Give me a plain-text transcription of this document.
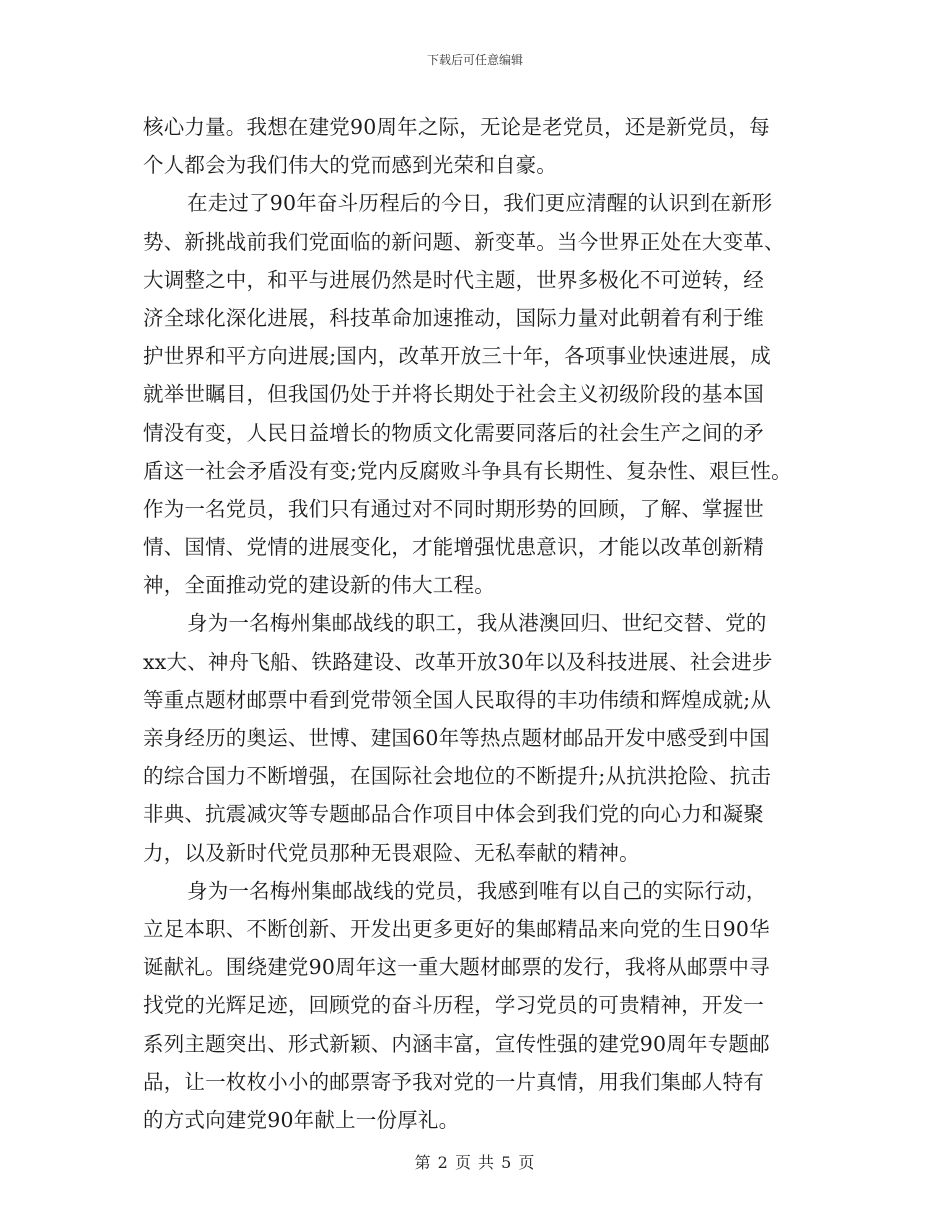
下载后可任意编辑
核心力量。我想在建党90周年之际，无论是老党员，还是新党员，每
个人都会为我们伟大的党而感到光荣和自豪。
在走过了90年奋斗历程后的今日，我们更应清醒的认识到在新形
势、新挑战前我们党面临的新问题、新变革。当今世界正处在大变革、
大调整之中，和平与进展仍然是时代主题，世界多极化不可逆转，经
济全球化深化进展，科技革命加速推动，国际力量对此朝着有利于维
护世界和平方向进展;国内，改革开放三十年，各项事业快速进展，成
就举世瞩目，但我国仍处于并将长期处于社会主义初级阶段的基本国
情没有变，人民日益增长的物质文化需要同落后的社会生产之间的矛
盾这一社会矛盾没有变;党内反腐败斗争具有长期性、复杂性、艰巨性。
作为一名党员，我们只有通过对不同时期形势的回顾，了解、掌握世
情、国情、党情的进展变化，才能增强忧患意识，才能以改革创新精
神，全面推动党的建设新的伟大工程。
身为一名梅州集邮战线的职工，我从港澳回归、世纪交替、党的
xx大、神舟飞船、铁路建设、改革开放30年以及科技进展、社会进步
等重点题材邮票中看到党带领全国人民取得的丰功伟绩和辉煌成就;从
亲身经历的奥运、世博、建国60年等热点题材邮品开发中感受到中国
的综合国力不断增强，在国际社会地位的不断提升;从抗洪抢险、抗击
非典、抗震减灾等专题邮品合作项目中体会到我们党的向心力和凝聚
力，以及新时代党员那种无畏艰险、无私奉献的精神。
身为一名梅州集邮战线的党员，我感到唯有以自己的实际行动，
立足本职、不断创新、开发出更多更好的集邮精品来向党的生日90华
诞献礼。围绕建党90周年这一重大题材邮票的发行，我将从邮票中寻
找党的光辉足迹，回顾党的奋斗历程，学习党员的可贵精神，开发一
系列主题突出、形式新颖、内涵丰富，宣传性强的建党90周年专题邮
品，让一枚枚小小的邮票寄予我对党的一片真情，用我们集邮人特有
的方式向建党90年献上一份厚礼。
第 2 页 共 5 页
